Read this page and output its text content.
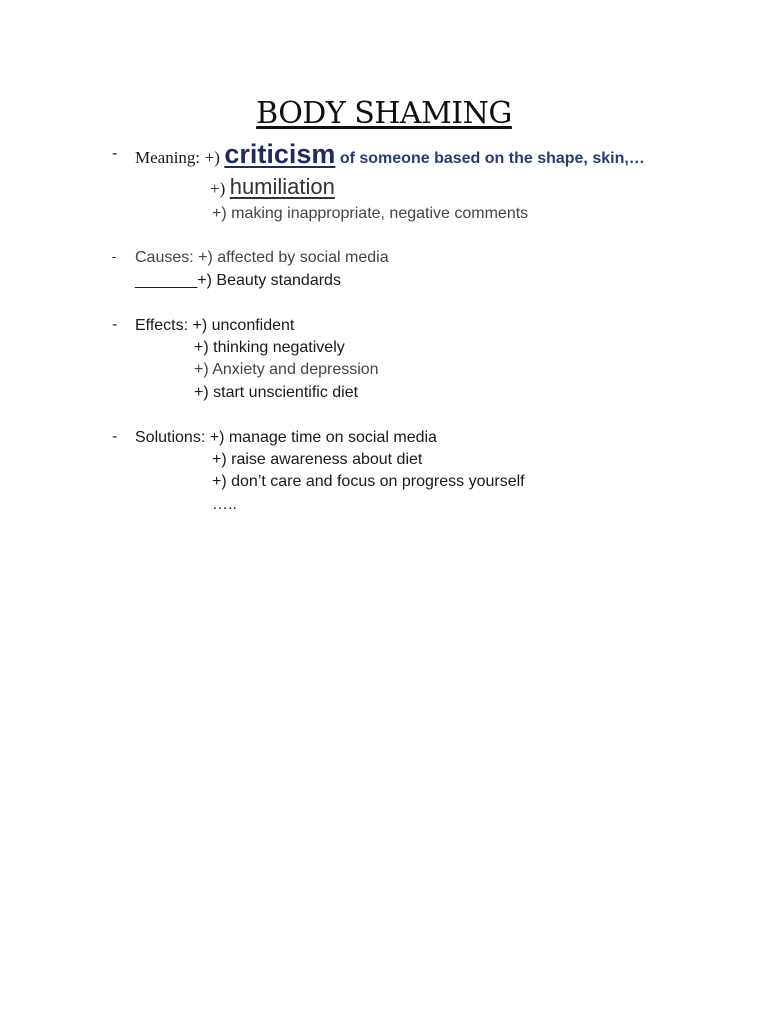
BODY SHAMING
- Meaning: +) criticism of someone based on the shape, skin,…
+) humiliation
+) making inappropriate, negative comments
- Causes: +) affected by social media
_______+) Beauty standards
- Effects: +) unconfident
+) thinking negatively
+) Anxiety and depression
+) start unscientific diet
- Solutions: +) manage time on social media
+) raise awareness about diet
+) don’t care and focus on progress yourself
…..
